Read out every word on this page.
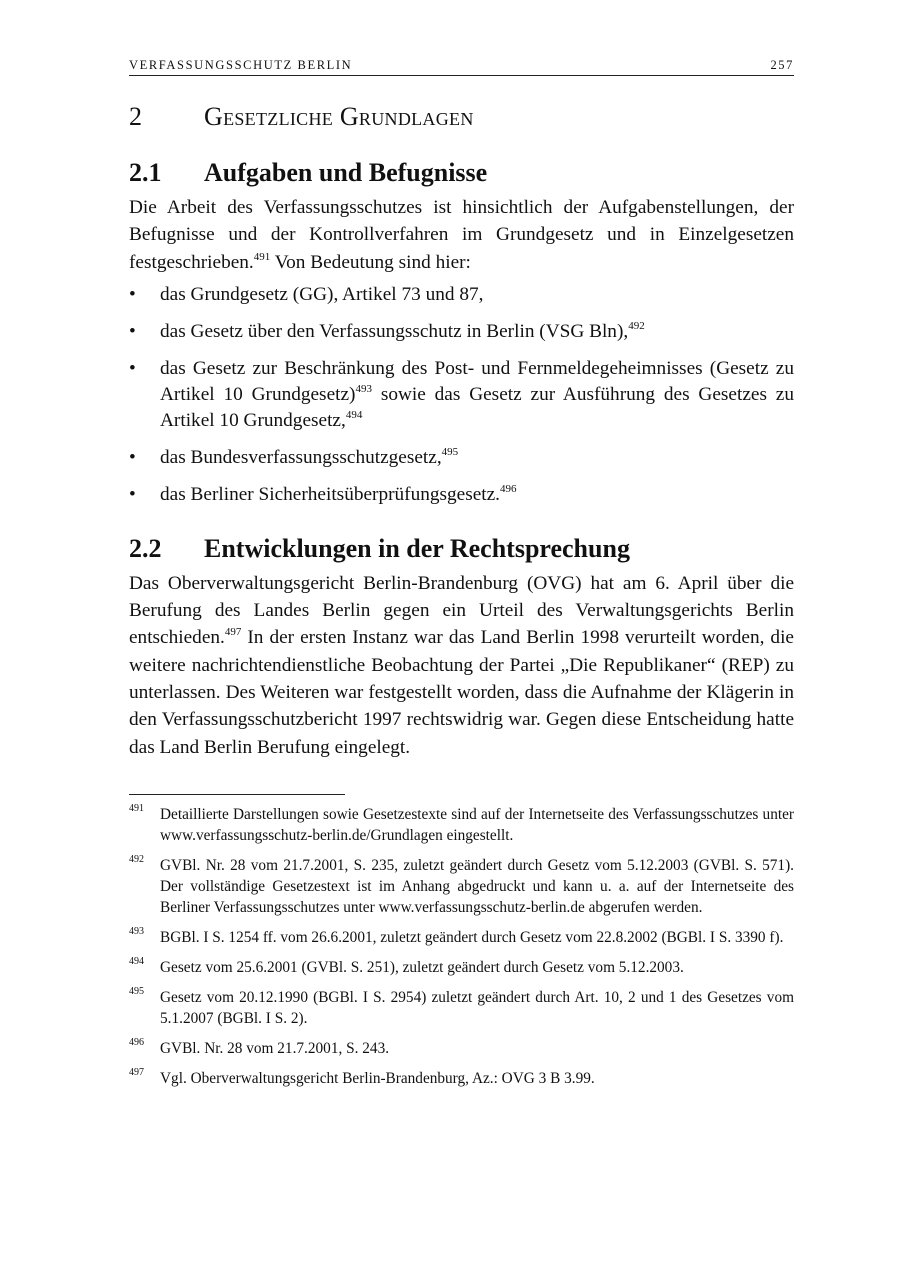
VERFASSUNGSSCHUTZ BERLIN	257
2	Gesetzliche Grundlagen
2.1	Aufgaben und Befugnisse
Die Arbeit des Verfassungsschutzes ist hinsichtlich der Aufgabenstellungen, der Befugnisse und der Kontrollverfahren im Grundgesetz und in Einzelgesetzen festgeschrieben.$^{491}$ Von Bedeutung sind hier:
• das Grundgesetz (GG), Artikel 73 und 87,
• das Gesetz über den Verfassungsschutz in Berlin (VSG Bln),$^{492}$
• das Gesetz zur Beschränkung des Post- und Fernmeldegeheimnisses (Gesetz zu Artikel 10 Grundgesetz)$^{493}$ sowie das Gesetz zur Ausführung des Gesetzes zu Artikel 10 Grundgesetz,$^{494}$
• das Bundesverfassungsschutzgesetz,$^{495}$
• das Berliner Sicherheitsüberprüfungsgesetz.$^{496}$
2.2	Entwicklungen in der Rechtsprechung
Das Oberverwaltungsgericht Berlin-Brandenburg (OVG) hat am 6. April über die Berufung des Landes Berlin gegen ein Urteil des Verwaltungsgerichts Berlin entschieden.$^{497}$ In der ersten Instanz war das Land Berlin 1998 verurteilt worden, die weitere nachrichtendienstliche Beobachtung der Partei „Die Republikaner“ (REP) zu unterlassen. Des Weiteren war festgestellt worden, dass die Aufnahme der Klägerin in den Verfassungsschutzbericht 1997 rechtswidrig war. Gegen diese Entscheidung hatte das Land Berlin Berufung eingelegt.
491	Detaillierte Darstellungen sowie Gesetzestexte sind auf der Internetseite des Verfassungsschutzes unter www.verfassungsschutz-berlin.de/Grundlagen eingestellt.
492	GVBl. Nr. 28 vom 21.7.2001, S. 235, zuletzt geändert durch Gesetz vom 5.12.2003 (GVBl. S. 571). Der vollständige Gesetzestext ist im Anhang abgedruckt und kann u. a. auf der Internetseite des Berliner Verfassungsschutzes unter www.verfassungsschutz-berlin.de abgerufen werden.
493	BGBl. I S. 1254 ff. vom 26.6.2001, zuletzt geändert durch Gesetz vom 22.8.2002 (BGBl. I S. 3390 f).
494	Gesetz vom 25.6.2001 (GVBl. S. 251), zuletzt geändert durch Gesetz vom 5.12.2003.
495	Gesetz vom 20.12.1990 (BGBl. I S. 2954) zuletzt geändert durch Art. 10, 2 und 1 des Gesetzes vom 5.1.2007 (BGBl. I S. 2).
496	GVBl. Nr. 28 vom 21.7.2001, S. 243.
497	Vgl. Oberverwaltungsgericht Berlin-Brandenburg, Az.: OVG 3 B 3.99.
